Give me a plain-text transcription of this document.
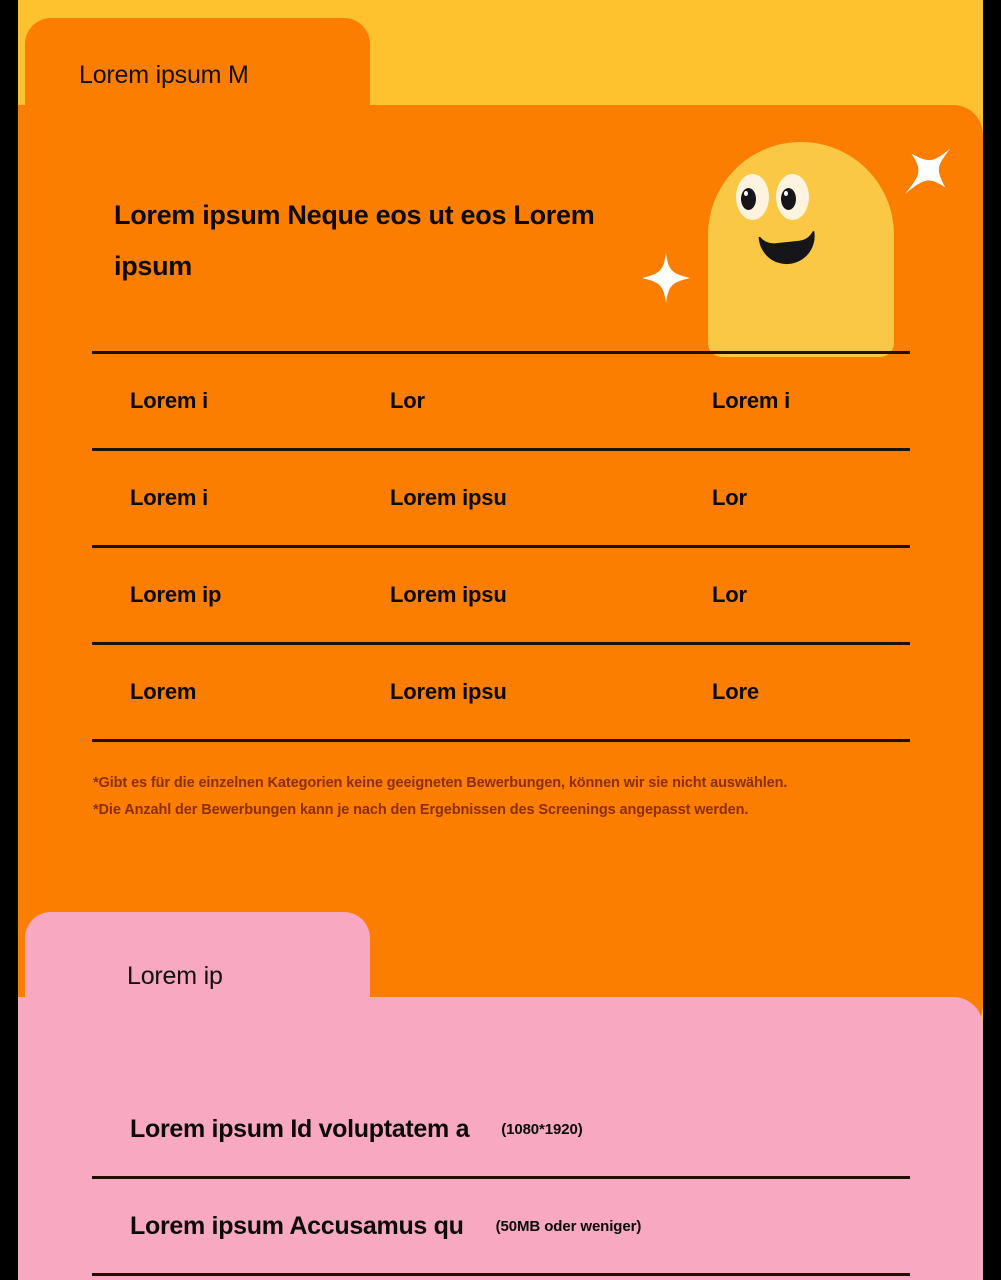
Lorem ipsum M
Lorem ipsum Neque eos ut eos Lorem ipsum
Lorem i	Lor	Lorem i
Lorem i	Lorem ipsu	Lor
Lorem ip	Lorem ipsu	Lor
Lorem	Lorem ipsu	Lore
*Gibt es für die einzelnen Kategorien keine geeigneten Bewerbungen, können wir sie nicht auswählen.
*Die Anzahl der Bewerbungen kann je nach den Ergebnissen des Screenings angepasst werden.
Lorem ip
Lorem ipsum Id voluptatem a (1080*1920)
Lorem ipsum Accusamus qu (50MB oder weniger)
